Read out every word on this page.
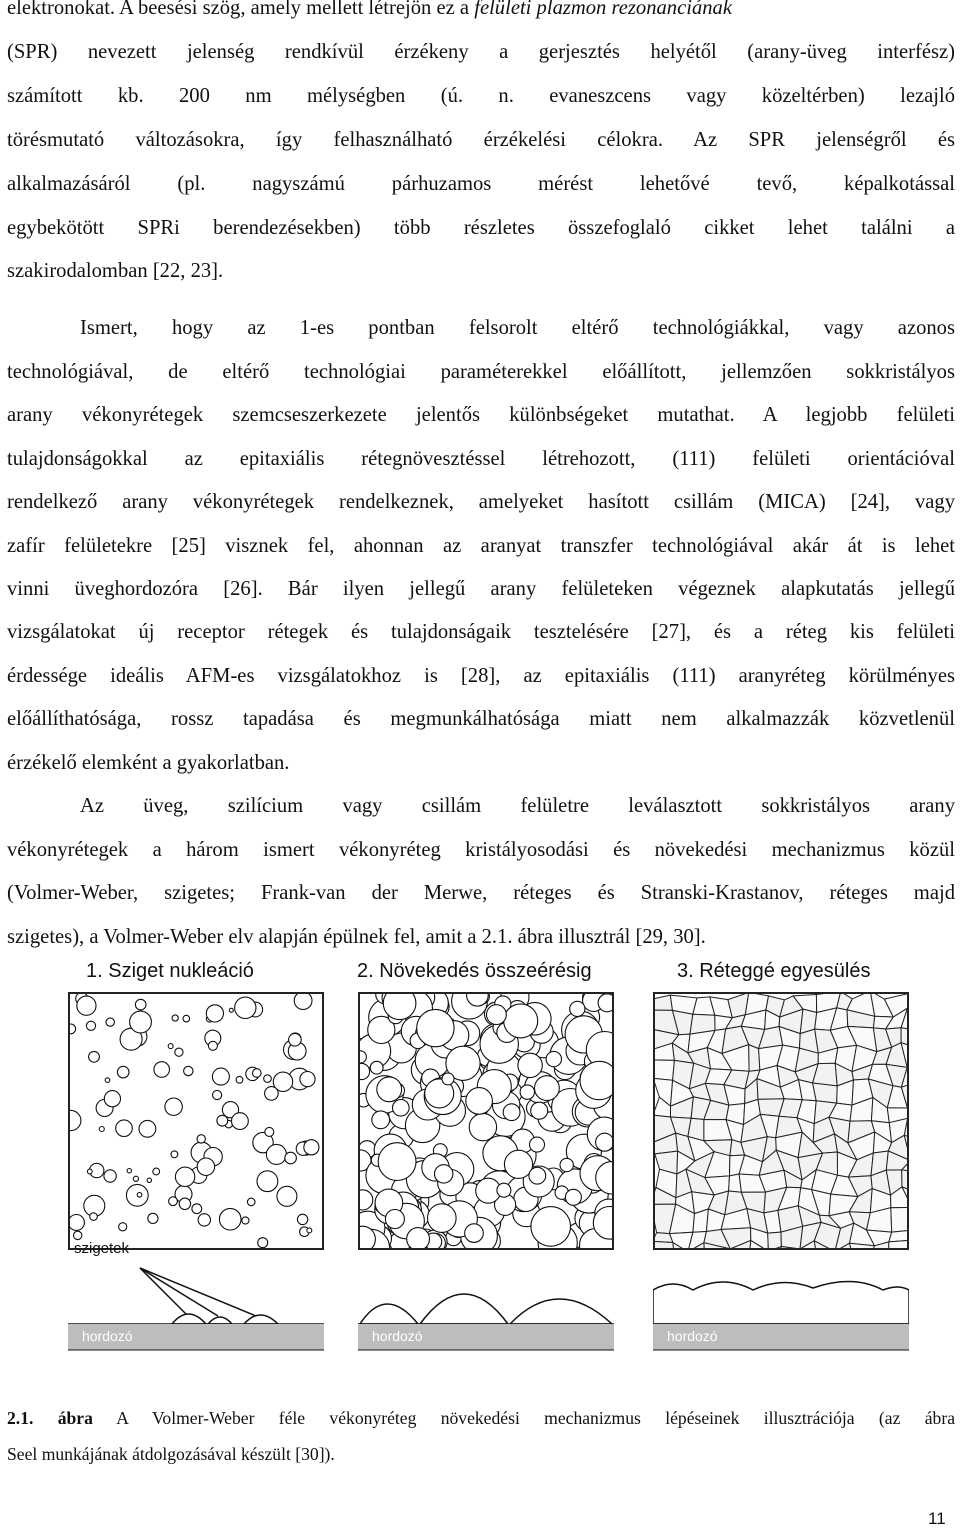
elektronokat. A beesési szög, amely mellett létrejön ez a felületi plazmon rezonanciának
(SPR) nevezett jelenség rendkívül érzékeny a gerjesztés helyétől (arany-üveg interfész)
számított kb. 200 nm mélységben (ú. n. evaneszcens vagy közeltérben) lezajló
törésmutató változásokra, így felhasználható érzékelési célokra. Az SPR jelenségről és
alkalmazásáról (pl. nagyszámú párhuzamos mérést lehetővé tevő, képalkotással
egybekötött SPRi berendezésekben) több részletes összefoglaló cikket lehet találni a
szakirodalomban [22, 23].
Ismert, hogy az 1-es pontban felsorolt eltérő technológiákkal, vagy azonos
technológiával, de eltérő technológiai paraméterekkel előállított, jellemzően sokkristályos
arany vékonyrétegek szemcseszerkezete jelentős különbségeket mutathat. A legjobb felületi
tulajdonságokkal az epitaxiális rétegnövesztéssel létrehozott, (111) felületi orientációval
rendelkező arany vékonyrétegek rendelkeznek, amelyeket hasított csillám (MICA) [24], vagy
zafír felületekre [25] visznek fel, ahonnan az aranyat transzfer technológiával akár át is lehet
vinni üveghordozóra [26]. Bár ilyen jellegű arany felületeken végeznek alapkutatás jellegű
vizsgálatokat új receptor rétegek és tulajdonságaik tesztelésére [27], és a réteg kis felületi
érdessége ideális AFM-es vizsgálatokhoz is [28], az epitaxiális (111) aranyréteg körülményes
előállíthatósága, rossz tapadása és megmunkálhatósága miatt nem alkalmazzák közvetlenül
érzékelő elemként a gyakorlatban.
Az üveg, szilícium vagy csillám felületre leválasztott sokkristályos arany
vékonyrétegek a három ismert vékonyréteg kristályosodási és növekedési mechanizmus közül
(Volmer-Weber, szigetes; Frank-van der Merwe, réteges és Stranski-Krastanov, réteges majd
szigetes), a Volmer-Weber elv alapján épülnek fel, amit a 2.1. ábra illusztrál [29, 30].
1. Sziget nukleáció	2. Növekedés összeérésig	3. Réteggé egyesülés
szigetek
hordozó	hordozó	hordozó
2.1. ábra A Volmer-Weber féle vékonyréteg növekedési mechanizmus lépéseinek illusztrációja (az ábra
Seel munkájának átdolgozásával készült [30]).
11
